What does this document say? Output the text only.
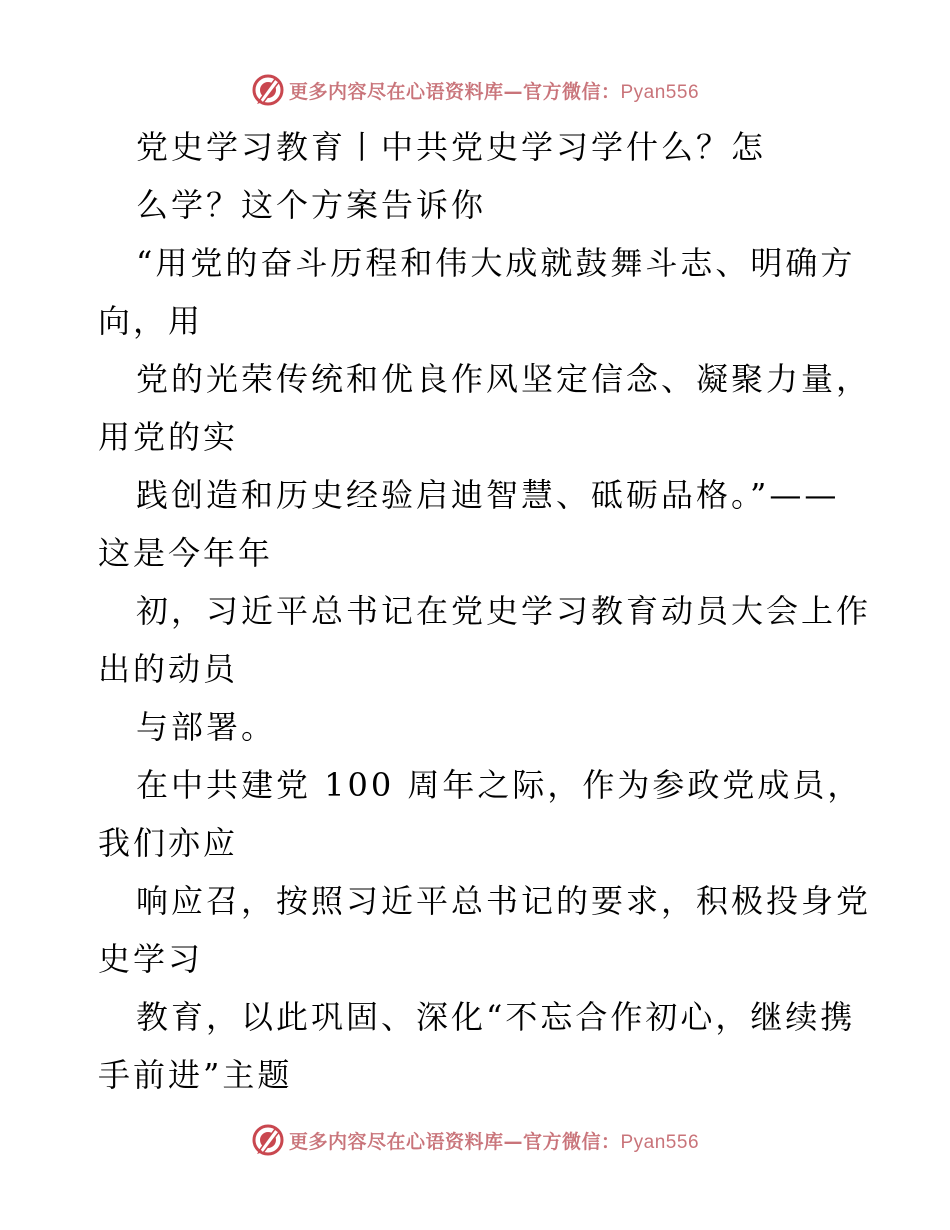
更多内容尽在心语资料库—官方微信：Pyan556
党史学习教育丨中共党史学习学什么？怎
么学？这个方案告诉你
“用党的奋斗历程和伟大成就鼓舞斗志、明确方
向，用
党的光荣传统和优良作风坚定信念、凝聚力量，
用党的实
践创造和历史经验启迪智慧、砥砺品格。”——
这是今年年
初，习近平总书记在党史学习教育动员大会上作
出的动员
与部署。
在中共建党 100 周年之际，作为参政党成员，
我们亦应
响应召，按照习近平总书记的要求，积极投身党
史学习
教育，以此巩固、深化“不忘合作初心，继续携
手前进”主题
更多内容尽在心语资料库—官方微信：Pyan556
